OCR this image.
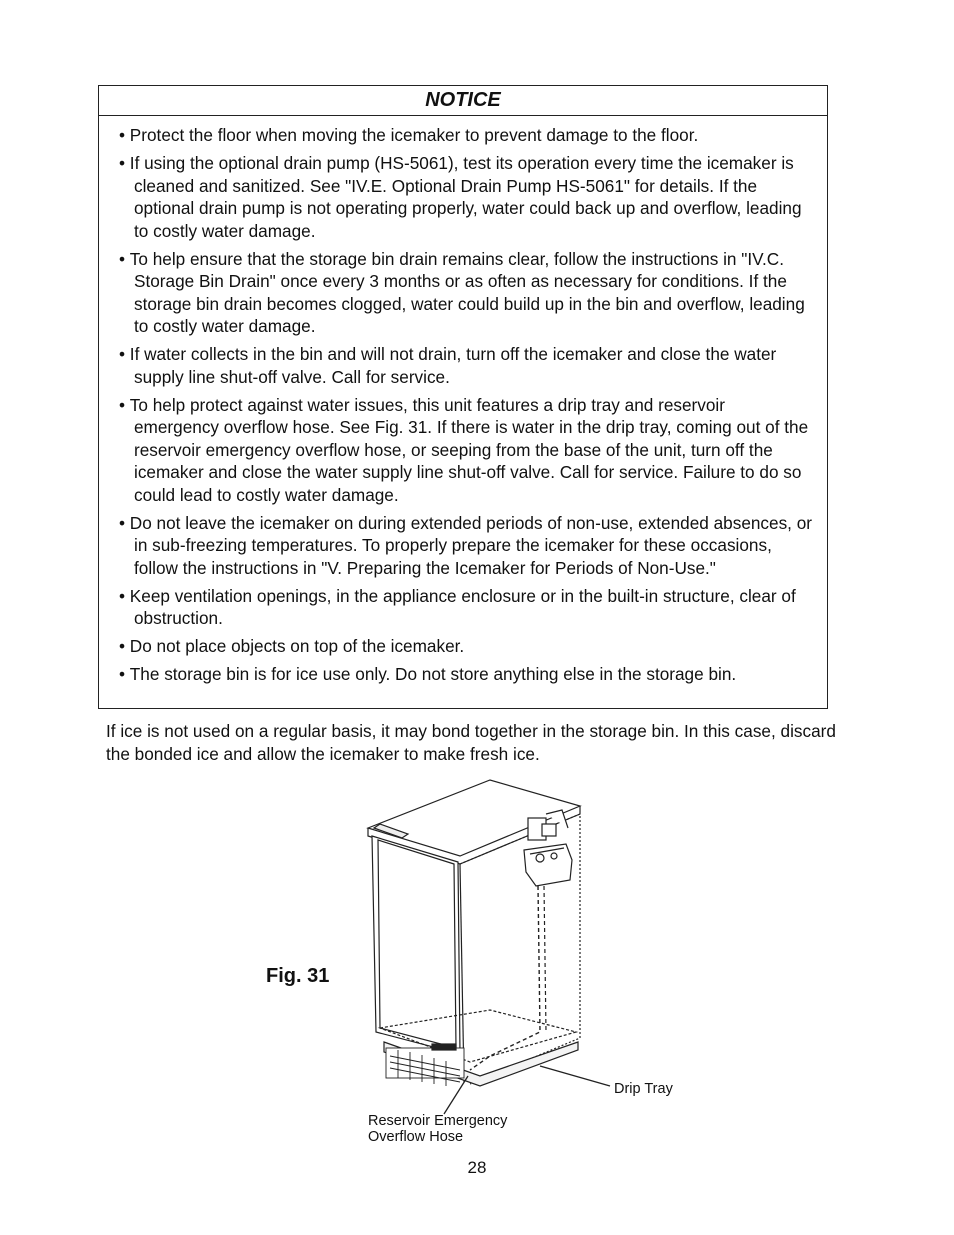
NOTICE
• Protect the floor when moving the icemaker to prevent damage to the floor.
• If using the optional drain pump (HS-5061), test its operation every time the icemaker is cleaned and sanitized. See "IV.E. Optional Drain Pump HS-5061" for details. If the optional drain pump is not operating properly, water could back up and overflow, leading to costly water damage.
• To help ensure that the storage bin drain remains clear, follow the instructions in "IV.C. Storage Bin Drain" once every 3 months or as often as necessary for conditions. If the storage bin drain becomes clogged, water could build up in the bin and overflow, leading to costly water damage.
• If water collects in the bin and will not drain, turn off the icemaker and close the water supply line shut-off valve. Call for service.
• To help protect against water issues, this unit features a drip tray and reservoir emergency overflow hose. See Fig. 31. If there is water in the drip tray, coming out of the reservoir emergency overflow hose, or seeping from the base of the unit, turn off the icemaker and close the water supply line shut-off valve. Call for service. Failure to do so could lead to costly water damage.
• Do not leave the icemaker on during extended periods of non-use, extended absences, or in sub-freezing temperatures. To properly prepare the icemaker for these occasions, follow the instructions in "V. Preparing the Icemaker for Periods of Non-Use."
• Keep ventilation openings, in the appliance enclosure or in the built-in structure, clear of obstruction.
• Do not place objects on top of the icemaker.
• The storage bin is for ice use only. Do not store anything else in the storage bin.

If ice is not used on a regular basis, it may bond together in the storage bin. In this case, discard the bonded ice and allow the icemaker to make fresh ice.

Fig. 31
Drip Tray
Reservoir Emergency
Overflow Hose
28
